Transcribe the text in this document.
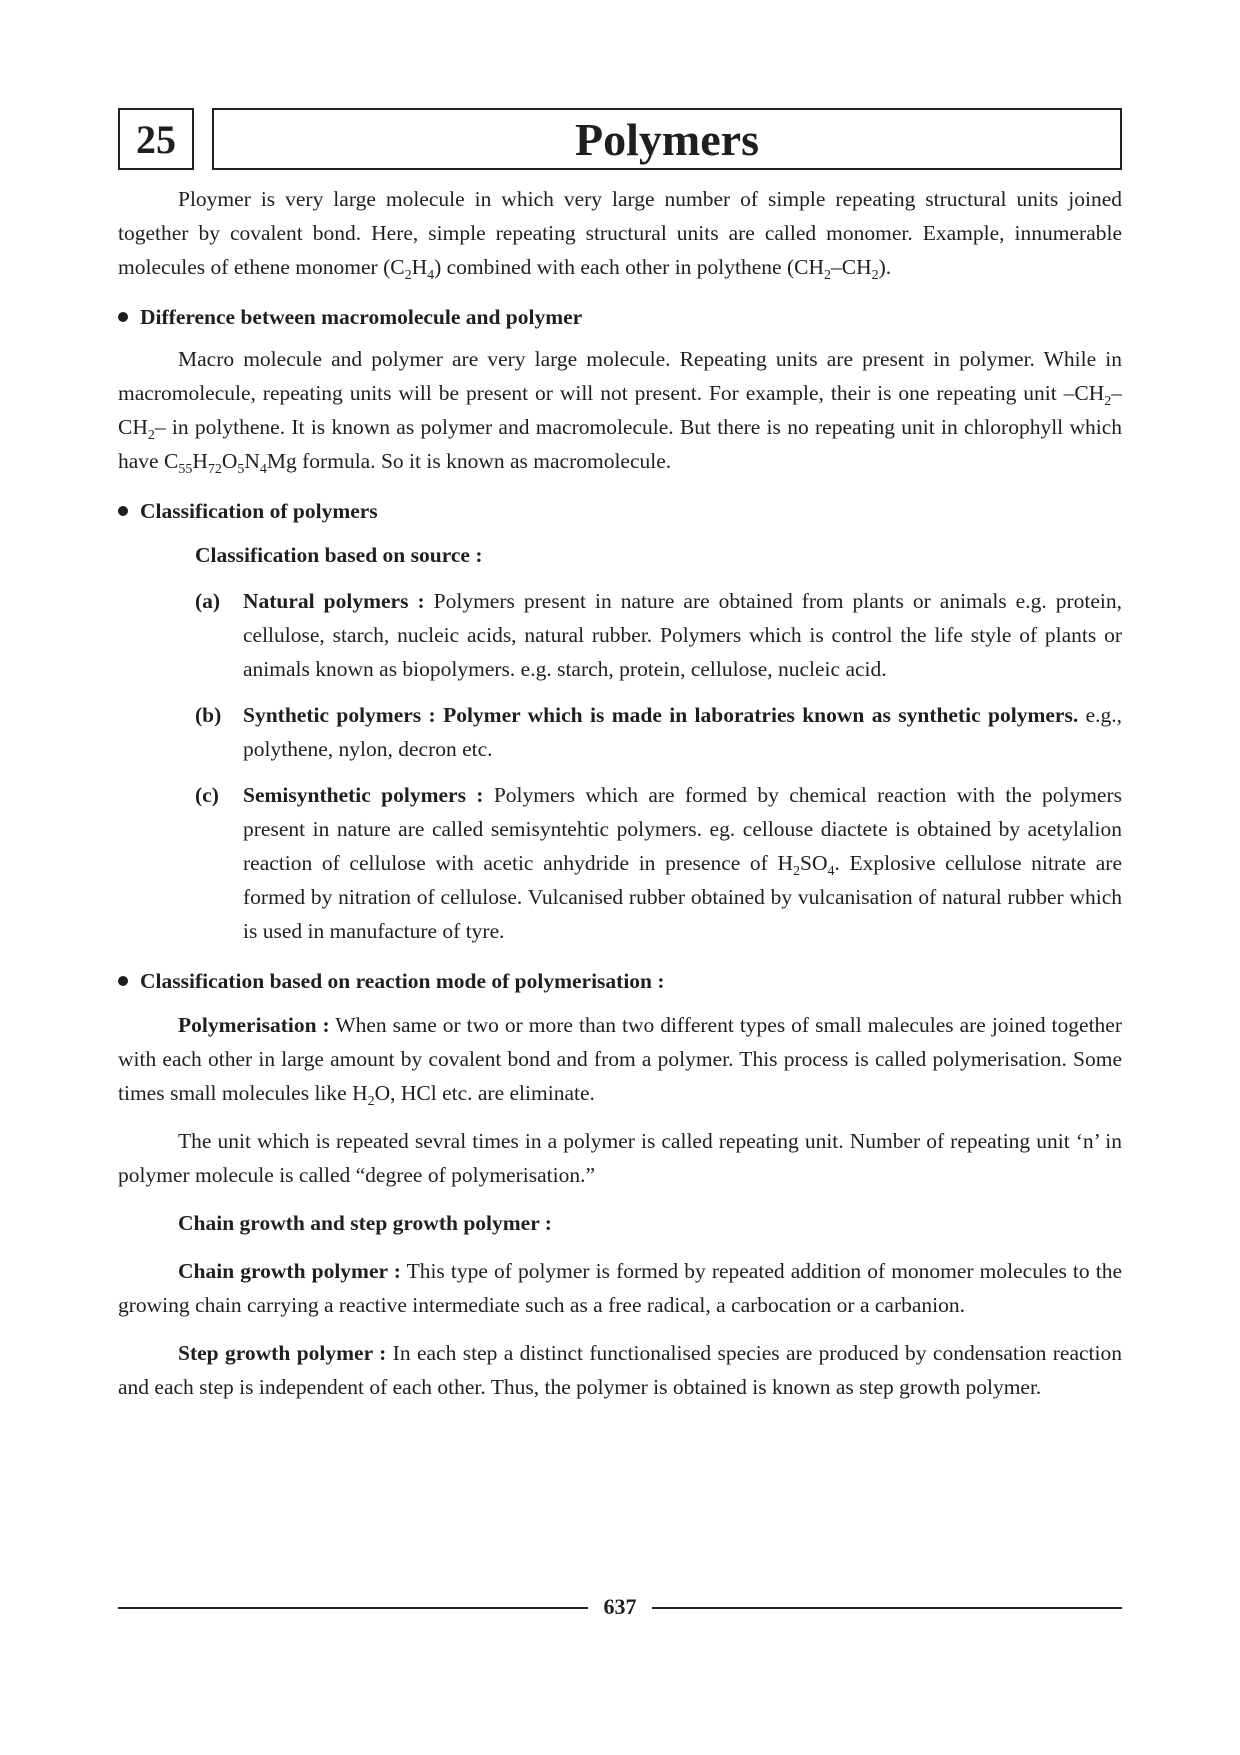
25	Polymers

Ploymer is very large molecule in which very large number of simple repeating structural units joined together by covalent bond. Here, simple repeating structural units are called monomer. Example, innumerable molecules of ethene monomer $(C_2H_4)$ combined with each other in polythene $(CH_2-CH_2)$.

Difference between macromolecule and polymer

Macro molecule and polymer are very large molecule. Repeating units are present in polymer. While in macromolecule, repeating units will be present or will not present. For example, their is one repeating unit $-CH_2-CH_2-$ in polythene. It is known as polymer and macromolecule. But there is no repeating unit in chlorophyll which have $C_{55}H_{72}O_5N_4Mg$ formula. So it is known as macromolecule.

Classification of polymers
Classification based on source :
(a) Natural polymers : Polymers present in nature are obtained from plants or animals e.g. protein, cellulose, starch, nucleic acids, natural rubber. Polymers which is control the life style of plants or animals known as biopolymers. e.g. starch, protein, cellulose, nucleic acid.

(b) Synthetic polymers : Polymer which is made in laboratries known as synthetic polymers. e.g., polythene, nylon, decron etc.

(c) Semisynthetic polymers : Polymers which are formed by chemical reaction with the polymers present in nature are called semisyntehtic polymers. eg. cellouse diactete is obtained by acetylalion reaction of cellulose with acetic anhydride in presence of $H_2SO_4$. Explosive cellulose nitrate are formed by nitration of cellulose. Vulcanised rubber obtained by vulcanisation of natural rubber which is used in manufacture of tyre.

Classification based on reaction mode of polymerisation :

Polymerisation : When same or two or more than two different types of small malecules are joined together with each other in large amount by covalent bond and from a polymer. This process is called polymerisation. Some times small molecules like $H_2O$, HCl etc. are eliminate.

The unit which is repeated sevral times in a polymer is called repeating unit. Number of repeating unit ‘n’ in polymer molecule is called “degree of polymerisation.”

Chain growth and step growth polymer :

Chain growth polymer : This type of polymer is formed by repeated addition of monomer molecules to the growing chain carrying a reactive intermediate such as a free radical, a carbocation or a carbanion.

Step growth polymer : In each step a distinct functionalised species are produced by condensation reaction and each step is independent of each other. Thus, the polymer is obtained is known as step growth polymer.

637
